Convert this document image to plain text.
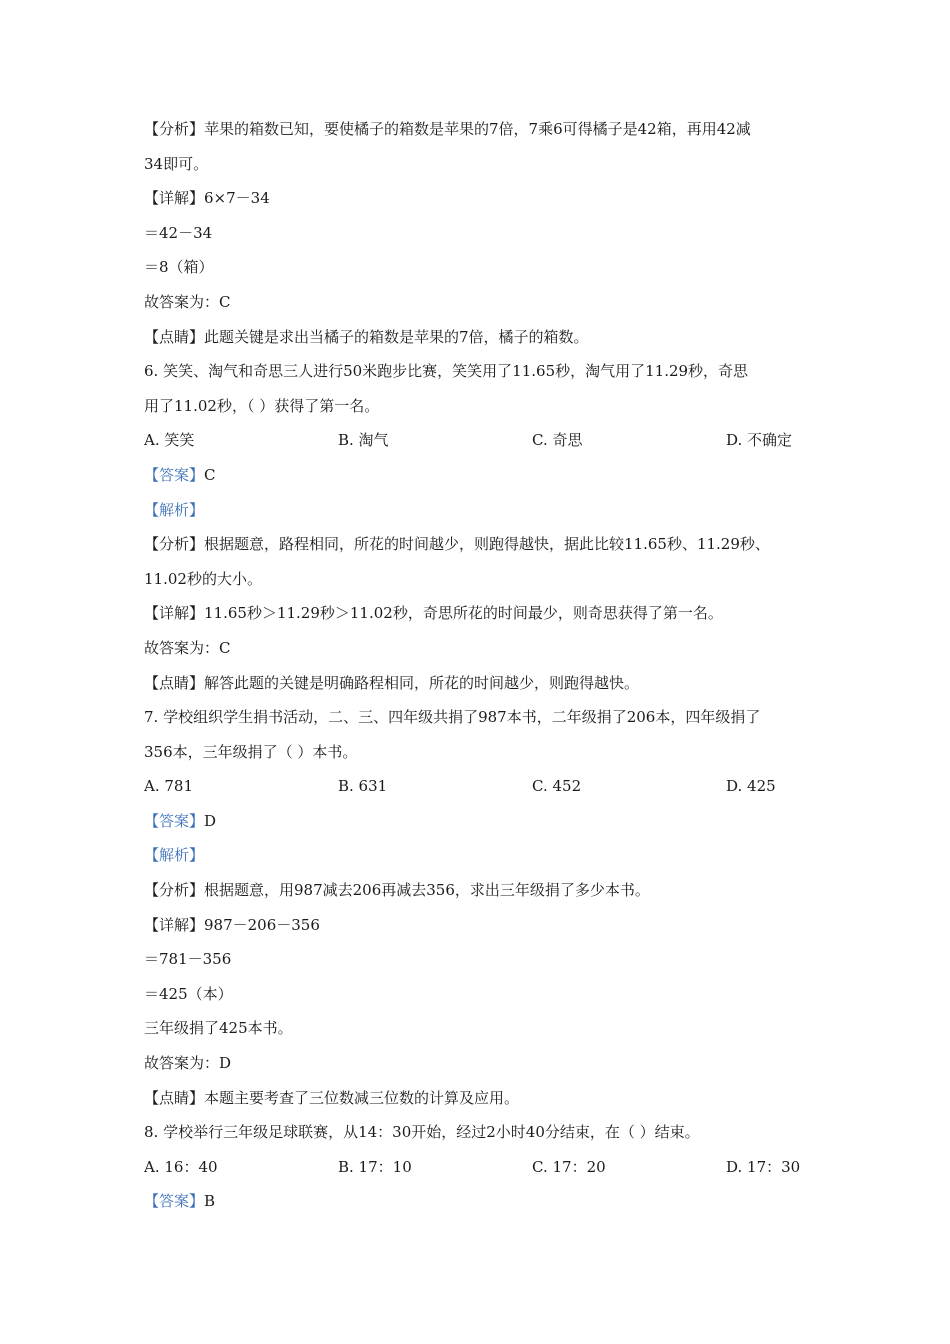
【分析】苹果的箱数已知，要使橘子的箱数是苹果的7倍，7乘6可得橘子是42箱，再用42减
34即可。
【详解】6×7－34
＝42－34
＝8（箱）
故答案为：C
【点睛】此题关键是求出当橘子的箱数是苹果的7倍，橘子的箱数。
6. 笑笑、淘气和奇思三人进行50米跑步比赛，笑笑用了11.65秒，淘气用了11.29秒，奇思
用了11.02秒，（ ）获得了第一名。
A. 笑笑	B. 淘气	C. 奇思	D. 不确定
【答案】C
【解析】
【分析】根据题意，路程相同，所花的时间越少，则跑得越快，据此比较11.65秒、11.29秒、
11.02秒的大小。
【详解】11.65秒＞11.29秒＞11.02秒，奇思所花的时间最少，则奇思获得了第一名。
故答案为：C
【点睛】解答此题的关键是明确路程相同，所花的时间越少，则跑得越快。
7. 学校组织学生捐书活动，二、三、四年级共捐了987本书，二年级捐了206本，四年级捐了
356本，三年级捐了（ ）本书。
A. 781	B. 631	C. 452	D. 425
【答案】D
【解析】
【分析】根据题意，用987减去206再减去356，求出三年级捐了多少本书。
【详解】987－206－356
＝781－356
＝425（本）
三年级捐了425本书。
故答案为：D
【点睛】本题主要考查了三位数减三位数的计算及应用。
8. 学校举行三年级足球联赛，从14：30开始，经过2小时40分结束，在（ ）结束。
A. 16：40	B. 17：10	C. 17：20	D. 17：30
【答案】B
